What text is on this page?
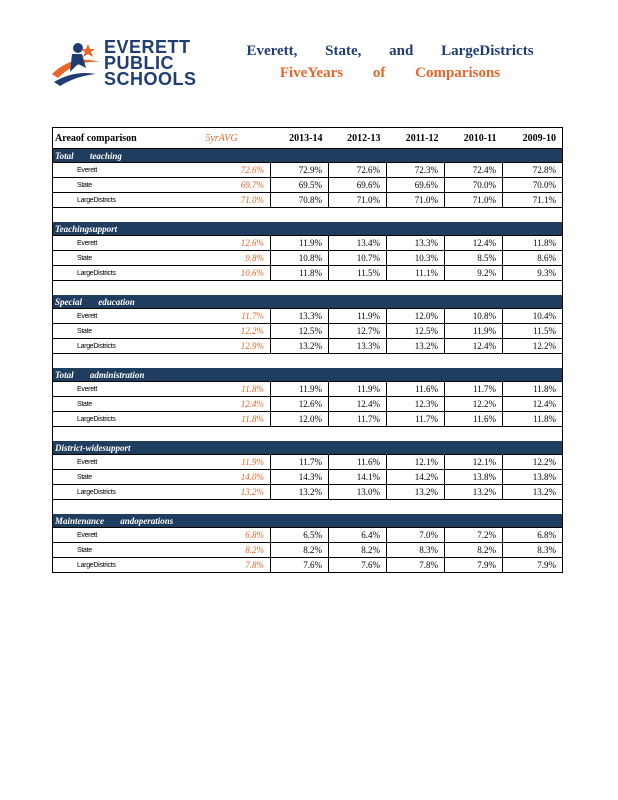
EVERETT
PUBLIC
SCHOOLS
Everett, State, and LargeDistricts
FiveYears of Comparisons
Areaof comparison	5yrAVG	2013-14	2012-13	2011-12	2010-11	2009-10
Total teaching						
Everett	72.6%	72.9%	72.6%	72.3%	72.4%	72.8%
State	69.7%	69.5%	69.6%	69.6%	70.0%	70.0%
LargeDistricts	71.0%	70.8%	71.0%	71.0%	71.0%	71.1%

Teachingsupport						
Everett	12.6%	11.9%	13.4%	13.3%	12.4%	11.8%
State	9.8%	10.8%	10.7%	10.3%	8.5%	8.6%
LargeDistricts	10.6%	11.8%	11.5%	11.1%	9.2%	9.3%

Special education						
Everett	11.7%	13.3%	11.9%	12.0%	10.8%	10.4%
State	12.2%	12.5%	12.7%	12.5%	11.9%	11.5%
LargeDistricts	12.9%	13.2%	13.3%	13.2%	12.4%	12.2%

Total administration						
Everett	11.8%	11.9%	11.9%	11.6%	11.7%	11.8%
State	12.4%	12.6%	12.4%	12.3%	12.2%	12.4%
LargeDistricts	11.8%	12.0%	11.7%	11.7%	11.6%	11.8%

District-widesupport						
Everett	11.9%	11.7%	11.6%	12.1%	12.1%	12.2%
State	14.0%	14.3%	14.1%	14.2%	13.8%	13.8%
LargeDistricts	13.2%	13.2%	13.0%	13.2%	13.2%	13.2%

Maintenance andoperations						
Everett	6.8%	6.5%	6.4%	7.0%	7.2%	6.8%
State	8.2%	8.2%	8.2%	8.3%	8.2%	8.3%
LargeDistricts	7.8%	7.6%	7.6%	7.8%	7.9%	7.9%
